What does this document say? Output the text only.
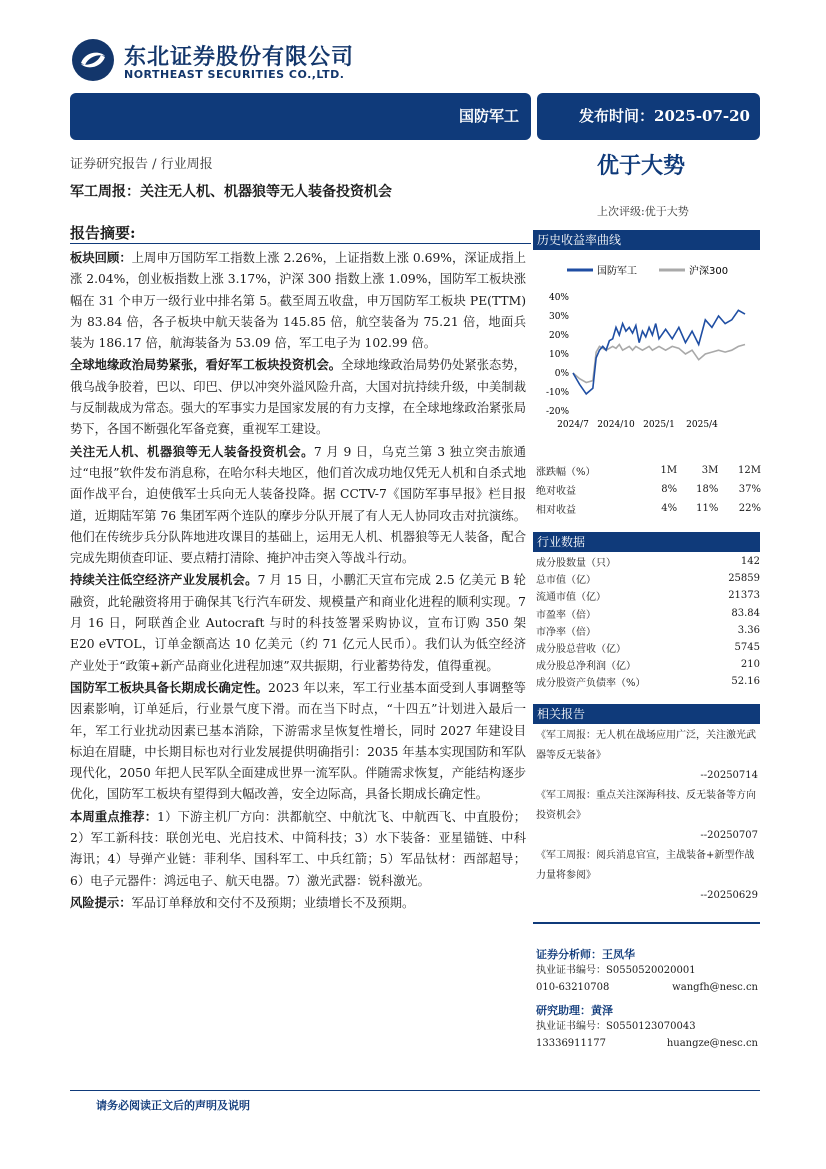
东北证券股份有限公司
NORTHEAST SECURITIES CO.,LTD.
国防军工	发布时间：2025-07-20
证券研究报告 / 行业周报	优于大势
军工周报：关注无人机、机器狼等无人装备投资机会
上次评级:优于大势
报告摘要:

板块回顾：上周申万国防军工指数上涨 2.26%，上证指数上涨 0.69%，深证成指上涨 2.04%，创业板指数上涨 3.17%，沪深 300 指数上涨 1.09%，国防军工板块涨幅在 31 个申万一级行业中排名第 5。截至周五收盘，申万国防军工板块 PE(TTM)为 83.84 倍，各子板块中航天装备为 145.85 倍，航空装备为 75.21 倍，地面兵装为 186.17 倍，航海装备为 53.09 倍，军工电子为 102.99 倍。

全球地缘政治局势紧张，看好军工板块投资机会。全球地缘政治局势仍处紧张态势，俄乌战争胶着，巴以、印巴、伊以冲突外溢风险升高，大国对抗持续升级，中美制裁与反制裁成为常态。强大的军事实力是国家发展的有力支撑，在全球地缘政治紧张局势下，各国不断强化军备竞赛，重视军工建设。

关注无人机、机器狼等无人装备投资机会。7 月 9 日，乌克兰第 3 独立突击旅通过“电报”软件发布消息称，在哈尔科夫地区，他们首次成功地仅凭无人机和自杀式地面作战平台，迫使俄军士兵向无人装备投降。据 CCTV-7《国防军事早报》栏目报道，近期陆军第 76 集团军两个连队的摩步分队开展了有人无人协同攻击对抗演练。他们在传统步兵分队阵地进攻课目的基础上，运用无人机、机器狼等无人装备，配合完成先期侦查印证、要点精打清除、掩护冲击突入等战斗行动。

持续关注低空经济产业发展机会。7 月 15 日，小鹏汇天宣布完成 2.5 亿美元 B 轮融资，此轮融资将用于确保其飞行汽车研发、规模量产和商业化进程的顺利实现。7 月 16 日，阿联酋企业 Autocraft 与时的科技签署采购协议，宣布订购 350 架 E20 eVTOL，订单金额高达 10 亿美元（约 71 亿元人民币）。我们认为低空经济产业处于“政策+新产品商业化进程加速”双共振期，行业蓄势待发，值得重视。

国防军工板块具备长期成长确定性。2023 年以来，军工行业基本面受到人事调整等因素影响，订单延后，行业景气度下滑。而在当下时点，“十四五”计划进入最后一年，军工行业扰动因素已基本消除，下游需求呈恢复性增长，同时 2027 年建设目标迫在眉睫，中长期目标也对行业发展提供明确指引：2035 年基本实现国防和军队现代化，2050 年把人民军队全面建成世界一流军队。伴随需求恢复，产能结构逐步优化，国防军工板块有望得到大幅改善，安全边际高，具备长期成长确定性。

本周重点推荐：1）下游主机厂方向：洪都航空、中航沈飞、中航西飞、中直股份；2）军工新科技：联创光电、光启技术、中简科技；3）水下装备：亚星锚链、中科海讯；4）导弹产业链：菲利华、国科军工、中兵红箭；5）军品钛材：西部超导；6）电子元器件：鸿远电子、航天电器。7）激光武器：锐科激光。

风险提示：军品订单释放和交付不及预期；业绩增长不及预期。

历史收益率曲线
国防军工	沪深300
40%
30%
20%
10%
0%
-10%
-20%
2024/7 2024/10 2025/1 2025/4
涨跌幅（%）	1M	3M	12M
绝对收益	8%	18%	37%
相对收益	4%	11%	22%
行业数据
成分股数量（只）	142
总市值（亿）	25859
流通市值（亿）	21373
市盈率（倍）	83.84
市净率（倍）	3.36
成分股总营收（亿）	5745
成分股总净利润（亿）	210
成分股资产负债率（%）	52.16
相关报告

《军工周报：无人机在战场应用广泛，关注激光武器等反无装备》

--20250714

《军工周报：重点关注深海科技、反无装备等方向投资机会》

--20250707

《军工周报：阅兵消息官宣，主战装备+新型作战力量将参阅》

--20250629

证券分析师：王凤华
执业证书编号：S0550520020001
010-63210708	wangfh@nesc.cn
研究助理：黄泽
执业证书编号：S0550123070043
13336911177	huangze@nesc.cn
请务必阅读正文后的声明及说明
